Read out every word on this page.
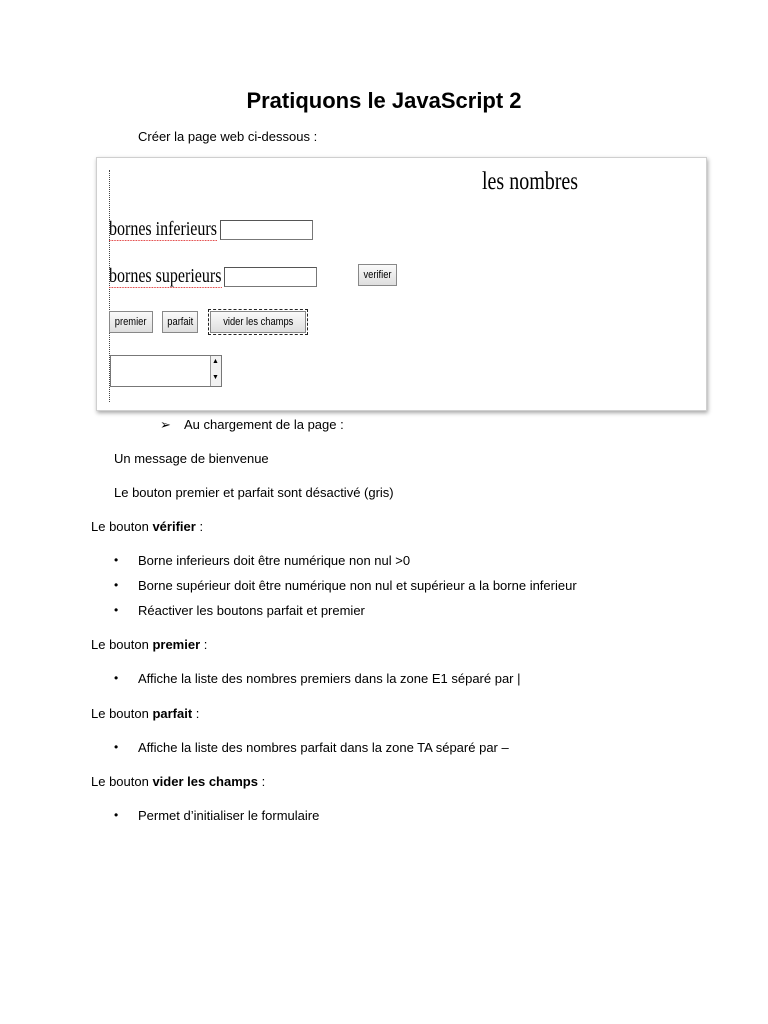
Pratiquons le JavaScript 2
Créer la page web ci-dessous :
les nombres
bornes inferieurs
bornes superieurs	verifier
premier	parfait	vider les champs
▲
▼
➢ Au chargement de la page :
Un message de bienvenue
Le bouton premier et parfait sont désactivé (gris)
Le bouton vérifier :
• Borne inferieurs doit être numérique non nul >0
• Borne supérieur doit être numérique non nul et supérieur a la borne inferieur
• Réactiver les boutons parfait et premier
Le bouton premier :
• Affiche la liste des nombres premiers dans la zone E1 séparé par |
Le bouton parfait :
• Affiche la liste des nombres parfait dans la zone TA séparé par –
Le bouton vider les champs :
• Permet d’initialiser le formulaire
